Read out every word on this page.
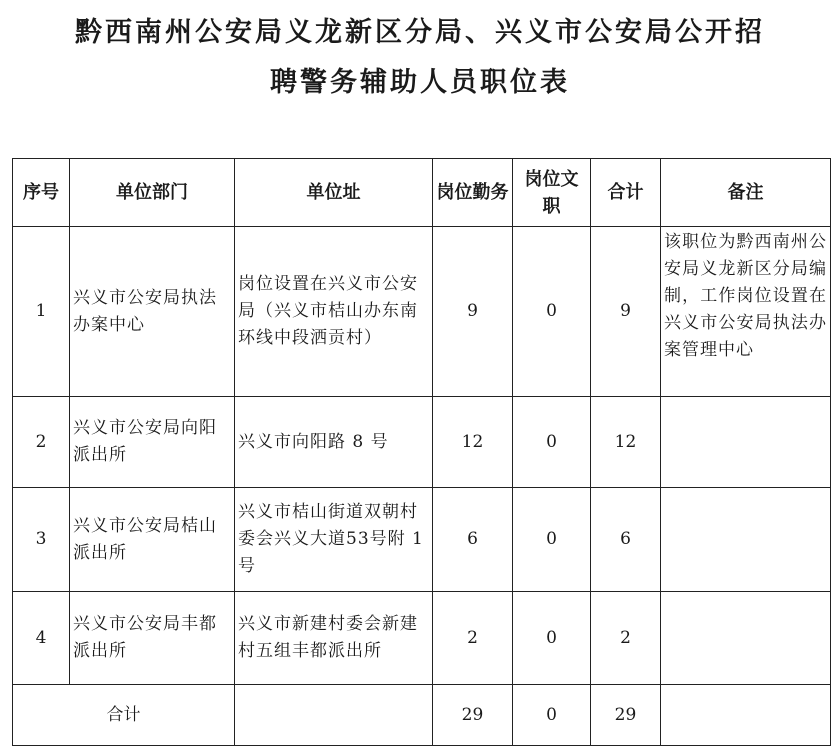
黔西南州公安局义龙新区分局、兴义市公安局公开招
聘警务辅助人员职位表
序号	单位部门	单位址	岗位勤务	岗位文职	合计	备注
1	兴义市公安局执法办案中心	岗位设置在兴义市公安局（兴义市桔山办东南环线中段洒贡村）	9	0	9	该职位为黔西南州公安局义龙新区分局编制，工作岗位设置在兴义市公安局执法办案管理中心
2	兴义市公安局向阳派出所	兴义市向阳路 8 号	12	0	12	
3	兴义市公安局桔山派出所	兴义市桔山街道双朝村委会兴义大道53号附 1 号	6	0	6	
4	兴义市公安局丰都派出所	兴义市新建村委会新建村五组丰都派出所	2	0	2	
合计			29	0	29	
